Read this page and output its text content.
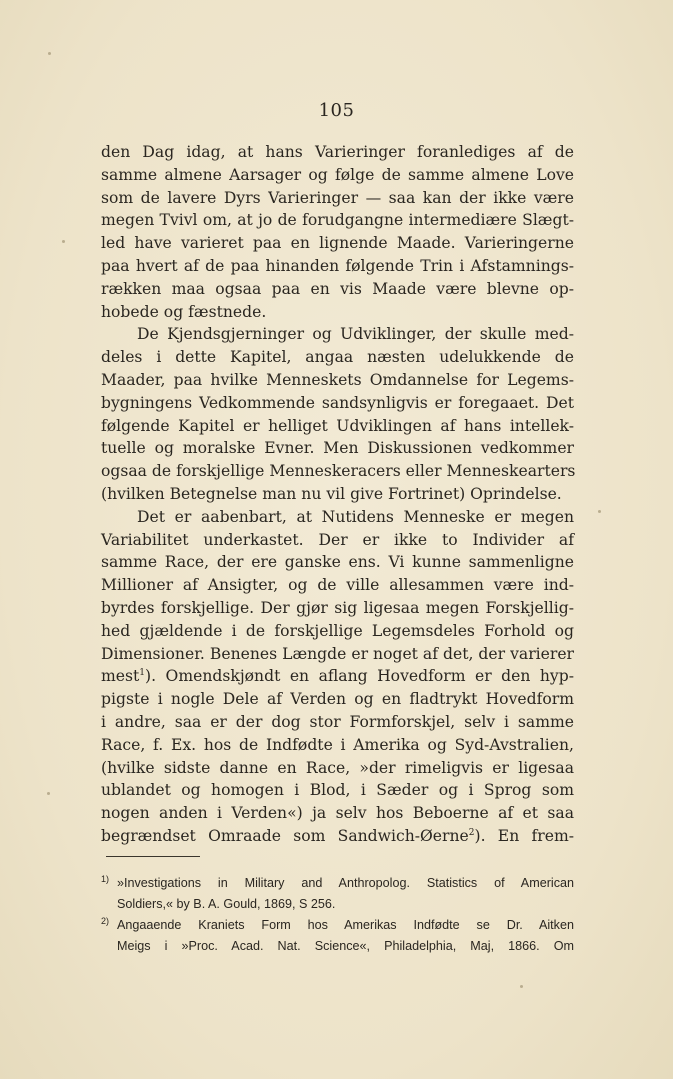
105
den Dag idag, at hans Varieringer foranlediges af de
samme almene Aarsager og følge de samme almene Love
som de lavere Dyrs Varieringer — saa kan der ikke være
megen Tvivl om, at jo de forudgangne intermediære Slægt-
led have varieret paa en lignende Maade. Varieringerne
paa hvert af de paa hinanden følgende Trin i Afstamnings-
rækken maa ogsaa paa en vis Maade være blevne op-
hobede og fæstnede.
De Kjendsgjerninger og Udviklinger, der skulle med-
deles i dette Kapitel, angaa næsten udelukkende de
Maader, paa hvilke Menneskets Omdannelse for Legems-
bygningens Vedkommende sandsynligvis er foregaaet. Det
følgende Kapitel er helliget Udviklingen af hans intellek-
tuelle og moralske Evner. Men Diskussionen vedkommer
ogsaa de forskjellige Menneskeracers eller Menneskearters
(hvilken Betegnelse man nu vil give Fortrinet) Oprindelse.
Det er aabenbart, at Nutidens Menneske er megen
Variabilitet underkastet. Der er ikke to Individer af
samme Race, der ere ganske ens. Vi kunne sammenligne
Millioner af Ansigter, og de ville allesammen være ind-
byrdes forskjellige. Der gjør sig ligesaa megen Forskjellig-
hed gjældende i de forskjellige Legemsdeles Forhold og
Dimensioner. Benenes Længde er noget af det, der varierer
mest$^1$). Omendskjøndt en aflang Hovedform er den hyp-
pigste i nogle Dele af Verden og en fladtrykt Hovedform
i andre, saa er der dog stor Formforskjel, selv i samme
Race, f. Ex. hos de Indfødte i Amerika og Syd-Avstralien,
(hvilke sidste danne en Race, »der rimeligvis er ligesaa
ublandet og homogen i Blod, i Sæder og i Sprog som
nogen anden i Verden«) ja selv hos Beboerne af et saa
begrændset Omraade som Sandwich-Øerne$^2$). En frem-
1) »Investigations in Military and Anthropolog. Statistics of American
Soldiers,« by B. A. Gould, 1869, S 256.
2) Angaaende Kraniets Form hos Amerikas Indfødte se Dr. Aitken
Meigs i »Proc. Acad. Nat. Science«, Philadelphia, Maj, 1866. Om
